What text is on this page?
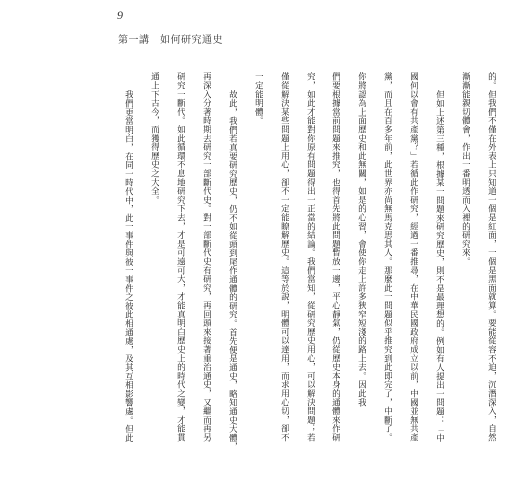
9
第一講　如何研究通史
的。但我們不僅在外表上只知道一個是紅面，一個是黑面就算。要能從容不迫，沉潛深入，自然
漸漸能親切體會，作出一番明透而入裡的研究來。
但如上述第三種，根據某一問題來研究歷史，則不是最理想的。例如有人提出一問題：「中
國何以會有共產黨？」若循此作研究，經過一番推尋，在中華民國政府成立以前，中國並無共產
黨，而且在百多年前，此世界亦尚無馬克思其人。那麼此一問題似乎推究到此即完了，中斷了。
你將認為上面歷史和此無關，如是的心習，會使你走上許多狹窄短淺的路上去。因此我
們要根據當前問題來推究，也得首先將此問題暫放一邊，平心靜氣，仍從歷史本身的通體來作研
究，如此才能對你原有問題得出一正當的結論。我們當知，從研究歷史用心，可以解決問題；若
僅從解決某些問題上用心，卻不一定能瞭解歷史。這等於說，明體可以達用，而求用心切，卻不
一定能明體。
故此，我們若真要研究歷史，仍不如從頭到尾作通體的研究。首先便是通史，略知通史大體，
再深入分著時期去研究一部斷代史。對一部斷代史有研究，再回頭來接著重治通史，又繼而再另
研究一斷代。如此循環不息地研究下去，才是可遠可大，才能真明白歷史上的時代之變，才能貫
通上下古今，而獲得歷史之大全。
我們更當明白，在同一時代中，此一事件與彼一事件之彼此相通處，及其互相影響處。但此
